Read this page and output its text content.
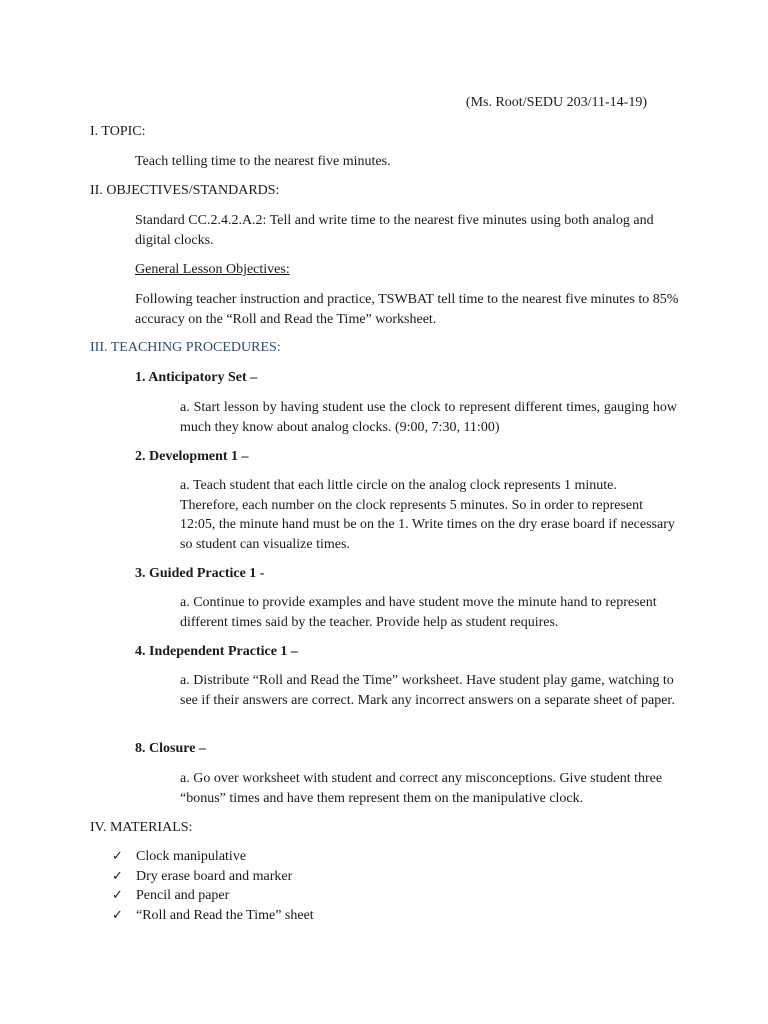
(Ms. Root/SEDU 203/11-14-19)
I. TOPIC:
Teach telling time to the nearest five minutes.
II. OBJECTIVES/STANDARDS:
Standard CC.2.4.2.A.2: Tell and write time to the nearest five minutes using both analog and digital clocks.
General Lesson Objectives:
Following teacher instruction and practice, TSWBAT tell time to the nearest five minutes to 85% accuracy on the “Roll and Read the Time” worksheet.
III. TEACHING PROCEDURES:
1. Anticipatory Set –
a. Start lesson by having student use the clock to represent different times, gauging how much they know about analog clocks. (9:00, 7:30, 11:00)
2. Development 1 –
a. Teach student that each little circle on the analog clock represents 1 minute. Therefore, each number on the clock represents 5 minutes. So in order to represent 12:05, the minute hand must be on the 1. Write times on the dry erase board if necessary so student can visualize times.
3. Guided Practice 1 -
a. Continue to provide examples and have student move the minute hand to represent different times said by the teacher. Provide help as student requires.
4. Independent Practice 1 –
a. Distribute “Roll and Read the Time” worksheet. Have student play game, watching to see if their answers are correct. Mark any incorrect answers on a separate sheet of paper.
8. Closure –
a. Go over worksheet with student and correct any misconceptions. Give student three “bonus” times and have them represent them on the manipulative clock.
IV. MATERIALS:
✓ Clock manipulative
✓ Dry erase board and marker
✓ Pencil and paper
✓ “Roll and Read the Time” sheet
